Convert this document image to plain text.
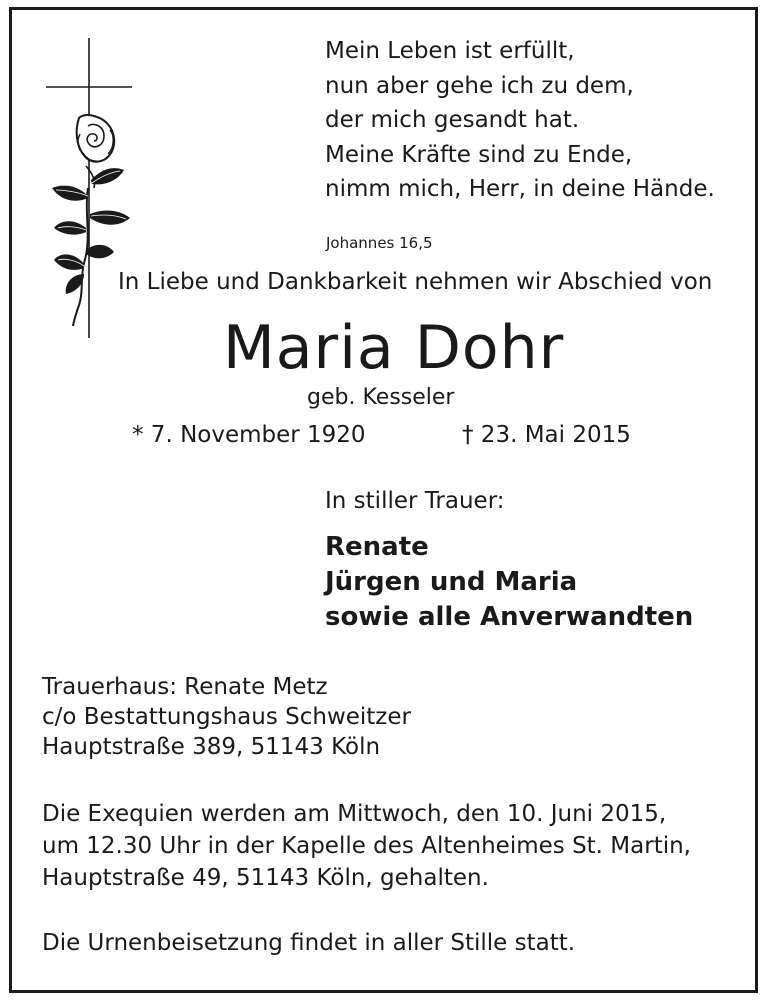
Mein Leben ist erfüllt,
nun aber gehe ich zu dem,
der mich gesandt hat.
Meine Kräfte sind zu Ende,
nimm mich, Herr, in deine Hände.

Johannes 16,5

In Liebe und Dankbarkeit nehmen wir Abschied von

Maria Dohr

geb. Kesseler

* 7. November 1920	† 23. Mai 2015

In stiller Trauer:

Renate
Jürgen und Maria
sowie alle Anverwandten

Trauerhaus: Renate Metz
c/o Bestattungshaus Schweitzer
Hauptstraße 389, 51143 Köln

Die Exequien werden am Mittwoch, den 10. Juni 2015,
um 12.30 Uhr in der Kapelle des Altenheimes St. Martin,
Hauptstraße 49, 51143 Köln, gehalten.

Die Urnenbeisetzung findet in aller Stille statt.
